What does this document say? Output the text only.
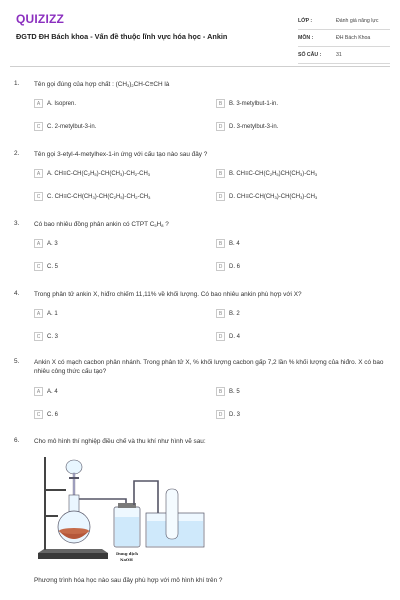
QUIZIZZ
ĐGTD ĐH Bách khoa - Vấn đề thuộc lĩnh vực hóa học - Ankin
LỚP :	Đánh giá năng lực
MÔN :	ĐH Bách Khoa
SỐ CÂU :	31
1. Tên gọi đúng của hợp chất : $(CH_3)_2CH-C\equiv CH$ là
A	A. Isopren.	B	B. 3-metylbut-1-in.
C	C. 2-metylbut-3-in.	D	D. 3-metylbut-3-in.
2. Tên gọi 3-etyl-4-metylhex-1-in ứng với cấu tạo nào sau đây ?
A	A. $CH\equiv C-CH(C_2H_5)-CH(CH_3)-CH_2-CH_3$	B	B. $CH\equiv C-CH(C_2H_5)CH(CH_3)-CH_3$
C	C. $CH\equiv C-CH(CH_3)-CH(C_2H_5)-CH_2-CH_3$	D	D. $CH\equiv C-CH(CH_3)-CH(CH_3)-CH_3$
3. Có bao nhiêu đồng phân ankin có CTPT $C_5H_8$ ?
A	A. 3	B	B. 4
C	C. 5	D	D. 6
4. Trong phân tử ankin X, hiđro chiếm 11,11% về khối lượng. Có bao nhiêu ankin phù hợp với X?
A	A. 1	B	B. 2
C	C. 3	D	D. 4
5. Ankin X có mạch cacbon phân nhánh. Trong phân tử X, % khối lượng cacbon gấp 7,2 lần % khối lượng của hiđro. X có bao nhiêu công thức cấu tạo?
A	A. 4	B	B. 5
C	C. 6	D	D. 3
6. Cho mô hình thí nghiệp điều chế và thu khí như hình vẽ sau:
Dung dịch
NaOH
Phương trình hóa học nào sau đây phù hợp với mô hình khí trên ?
